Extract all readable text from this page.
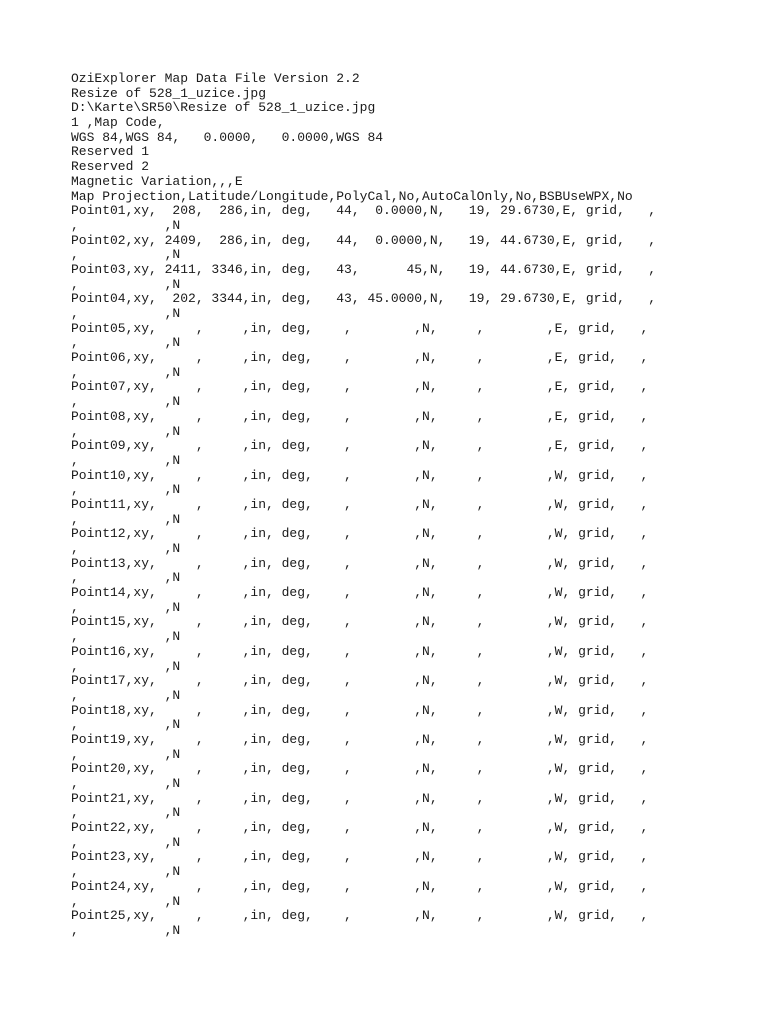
OziExplorer Map Data File Version 2.2
Resize of 528_1_uzice.jpg
D:\Karte\SR50\Resize of 528_1_uzice.jpg
1 ,Map Code,
WGS 84,WGS 84,   0.0000,   0.0000,WGS 84
Reserved 1
Reserved 2
Magnetic Variation,,,E
Map Projection,Latitude/Longitude,PolyCal,No,AutoCalOnly,No,BSBUseWPX,No
Point01,xy,  208,  286,in, deg,   44,  0.0000,N,   19, 29.6730,E, grid,   ,
,           ,N
Point02,xy, 2409,  286,in, deg,   44,  0.0000,N,   19, 44.6730,E, grid,   ,
,           ,N
Point03,xy, 2411, 3346,in, deg,   43,      45,N,   19, 44.6730,E, grid,   ,
,           ,N
Point04,xy,  202, 3344,in, deg,   43, 45.0000,N,   19, 29.6730,E, grid,   ,
,           ,N
Point05,xy,     ,     ,in, deg,    ,        ,N,     ,        ,E, grid,   ,
,           ,N
Point06,xy,     ,     ,in, deg,    ,        ,N,     ,        ,E, grid,   ,
,           ,N
Point07,xy,     ,     ,in, deg,    ,        ,N,     ,        ,E, grid,   ,
,           ,N
Point08,xy,     ,     ,in, deg,    ,        ,N,     ,        ,E, grid,   ,
,           ,N
Point09,xy,     ,     ,in, deg,    ,        ,N,     ,        ,E, grid,   ,
,           ,N
Point10,xy,     ,     ,in, deg,    ,        ,N,     ,        ,W, grid,   ,
,           ,N
Point11,xy,     ,     ,in, deg,    ,        ,N,     ,        ,W, grid,   ,
,           ,N
Point12,xy,     ,     ,in, deg,    ,        ,N,     ,        ,W, grid,   ,
,           ,N
Point13,xy,     ,     ,in, deg,    ,        ,N,     ,        ,W, grid,   ,
,           ,N
Point14,xy,     ,     ,in, deg,    ,        ,N,     ,        ,W, grid,   ,
,           ,N
Point15,xy,     ,     ,in, deg,    ,        ,N,     ,        ,W, grid,   ,
,           ,N
Point16,xy,     ,     ,in, deg,    ,        ,N,     ,        ,W, grid,   ,
,           ,N
Point17,xy,     ,     ,in, deg,    ,        ,N,     ,        ,W, grid,   ,
,           ,N
Point18,xy,     ,     ,in, deg,    ,        ,N,     ,        ,W, grid,   ,
,           ,N
Point19,xy,     ,     ,in, deg,    ,        ,N,     ,        ,W, grid,   ,
,           ,N
Point20,xy,     ,     ,in, deg,    ,        ,N,     ,        ,W, grid,   ,
,           ,N
Point21,xy,     ,     ,in, deg,    ,        ,N,     ,        ,W, grid,   ,
,           ,N
Point22,xy,     ,     ,in, deg,    ,        ,N,     ,        ,W, grid,   ,
,           ,N
Point23,xy,     ,     ,in, deg,    ,        ,N,     ,        ,W, grid,   ,
,           ,N
Point24,xy,     ,     ,in, deg,    ,        ,N,     ,        ,W, grid,   ,
,           ,N
Point25,xy,     ,     ,in, deg,    ,        ,N,     ,        ,W, grid,   ,
,           ,N
